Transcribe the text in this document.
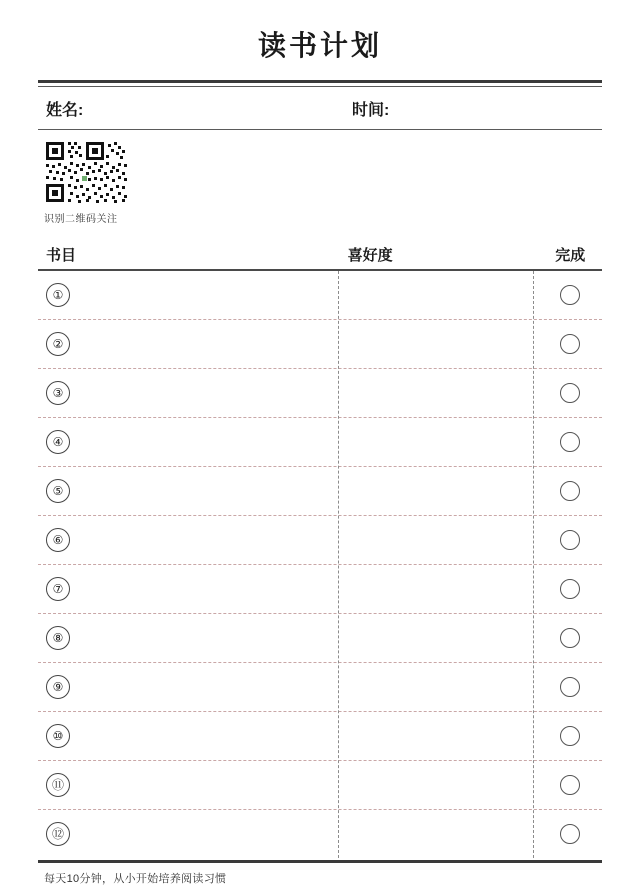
读书计划
姓名:	时间:
识别二维码关注
书目	喜好度	完成
①
②
③
④
⑤
⑥
⑦
⑧
⑨
⑩
⑪
⑫
每天10分钟，从小开始培养阅读习惯
